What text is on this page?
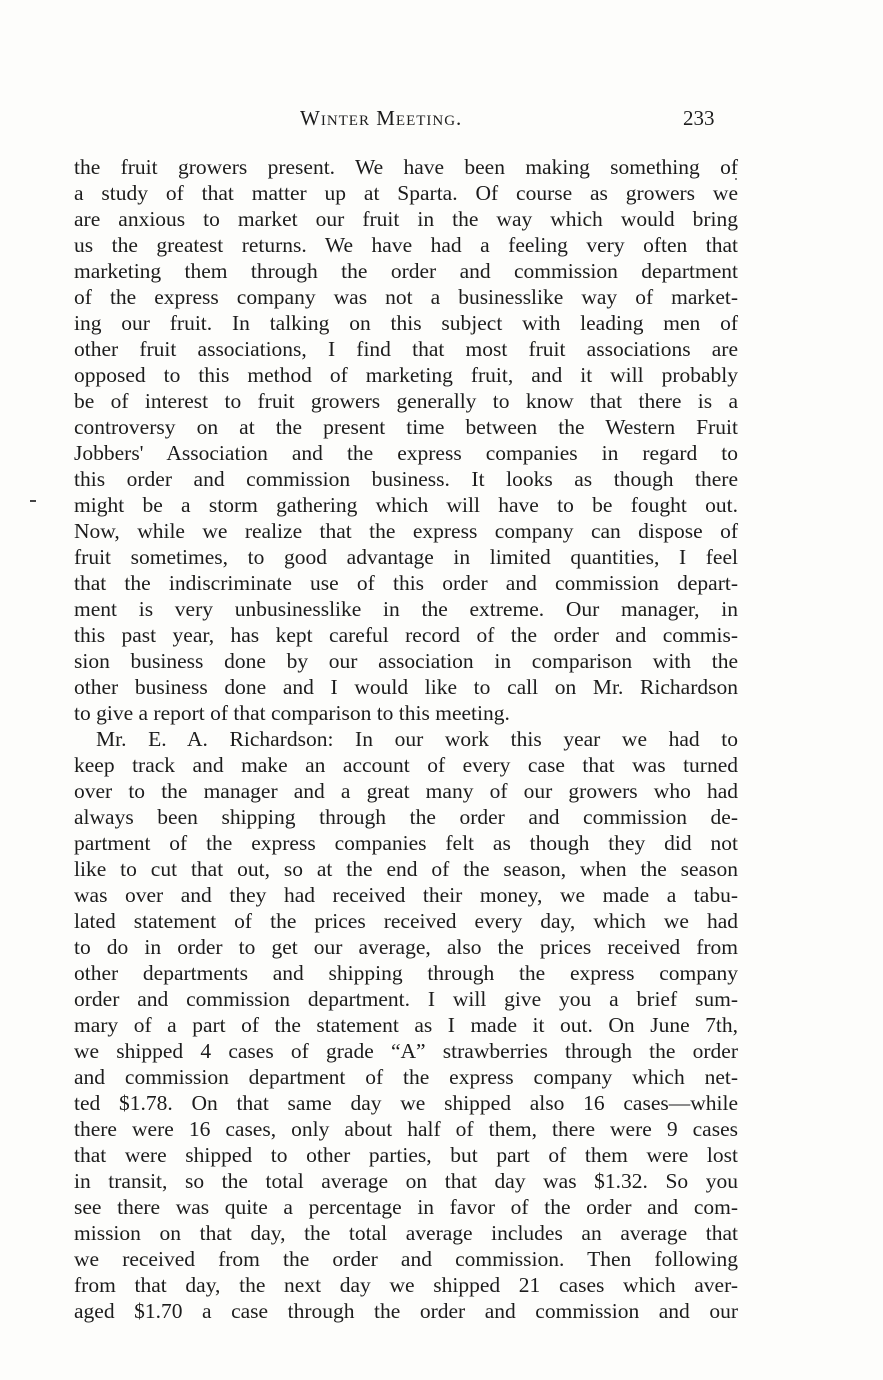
Winter Meeting.	233
the fruit growers present. We have been making something of
a study of that matter up at Sparta. Of course as growers we
are anxious to market our fruit in the way which would bring
us the greatest returns. We have had a feeling very often that
marketing them through the order and commission department
of the express company was not a businesslike way of market-
ing our fruit. In talking on this subject with leading men of
other fruit associations, I find that most fruit associations are
opposed to this method of marketing fruit, and it will probably
be of interest to fruit growers generally to know that there is a
controversy on at the present time between the Western Fruit
Jobbers' Association and the express companies in regard to
this order and commission business. It looks as though there
might be a storm gathering which will have to be fought out.
Now, while we realize that the express company can dispose of
fruit sometimes, to good advantage in limited quantities, I feel
that the indiscriminate use of this order and commission depart-
ment is very unbusinesslike in the extreme. Our manager, in
this past year, has kept careful record of the order and commis-
sion business done by our association in comparison with the
other business done and I would like to call on Mr. Richardson
to give a report of that comparison to this meeting.
Mr. E. A. Richardson: In our work this year we had to
keep track and make an account of every case that was turned
over to the manager and a great many of our growers who had
always been shipping through the order and commission de-
partment of the express companies felt as though they did not
like to cut that out, so at the end of the season, when the season
was over and they had received their money, we made a tabu-
lated statement of the prices received every day, which we had
to do in order to get our average, also the prices received from
other departments and shipping through the express company
order and commission department. I will give you a brief sum-
mary of a part of the statement as I made it out. On June 7th,
we shipped 4 cases of grade “A” strawberries through the order
and commission department of the express company which net-
ted $1.78. On that same day we shipped also 16 cases—while
there were 16 cases, only about half of them, there were 9 cases
that were shipped to other parties, but part of them were lost
in transit, so the total average on that day was $1.32. So you
see there was quite a percentage in favor of the order and com-
mission on that day, the total average includes an average that
we received from the order and commission. Then following
from that day, the next day we shipped 21 cases which aver-
aged $1.70 a case through the order and commission and our
